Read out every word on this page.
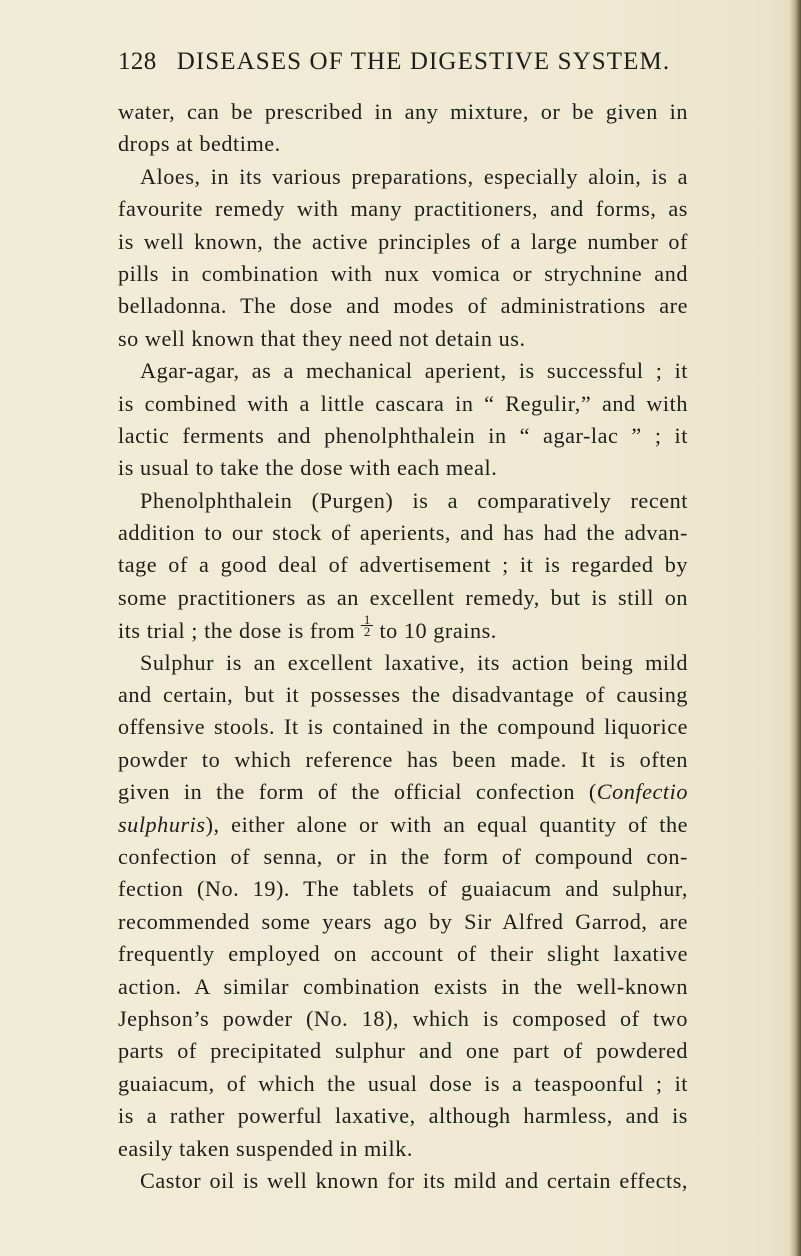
128 DISEASES OF THE DIGESTIVE SYSTEM.
water, can be prescribed in any mixture, or be given in
drops at bedtime.
Aloes, in its various preparations, especially aloin, is a
favourite remedy with many practitioners, and forms, as
is well known, the active principles of a large number of
pills in combination with nux vomica or strychnine and
belladonna. The dose and modes of administrations are
so well known that they need not detain us.
Agar-agar, as a mechanical aperient, is successful ; it
is combined with a little cascara in “ Regulir,” and with
lactic ferments and phenolphthalein in “ agar-lac ” ; it
is usual to take the dose with each meal.
Phenolphthalein (Purgen) is a comparatively recent
addition to our stock of aperients, and has had the advan-
tage of a good deal of advertisement ; it is regarded by
some practitioners as an excellent remedy, but is still on
its trial ; the dose is from $\frac{1}{2}$ to 10 grains.
Sulphur is an excellent laxative, its action being mild
and certain, but it possesses the disadvantage of causing
offensive stools. It is contained in the compound liquorice
powder to which reference has been made. It is often
given in the form of the official confection (Confectio
sulphuris), either alone or with an equal quantity of the
confection of senna, or in the form of compound con-
fection (No. 19). The tablets of guaiacum and sulphur,
recommended some years ago by Sir Alfred Garrod, are
frequently employed on account of their slight laxative
action. A similar combination exists in the well-known
Jephson’s powder (No. 18), which is composed of two
parts of precipitated sulphur and one part of powdered
guaiacum, of which the usual dose is a teaspoonful ; it
is a rather powerful laxative, although harmless, and is
easily taken suspended in milk.
Castor oil is well known for its mild and certain effects,
